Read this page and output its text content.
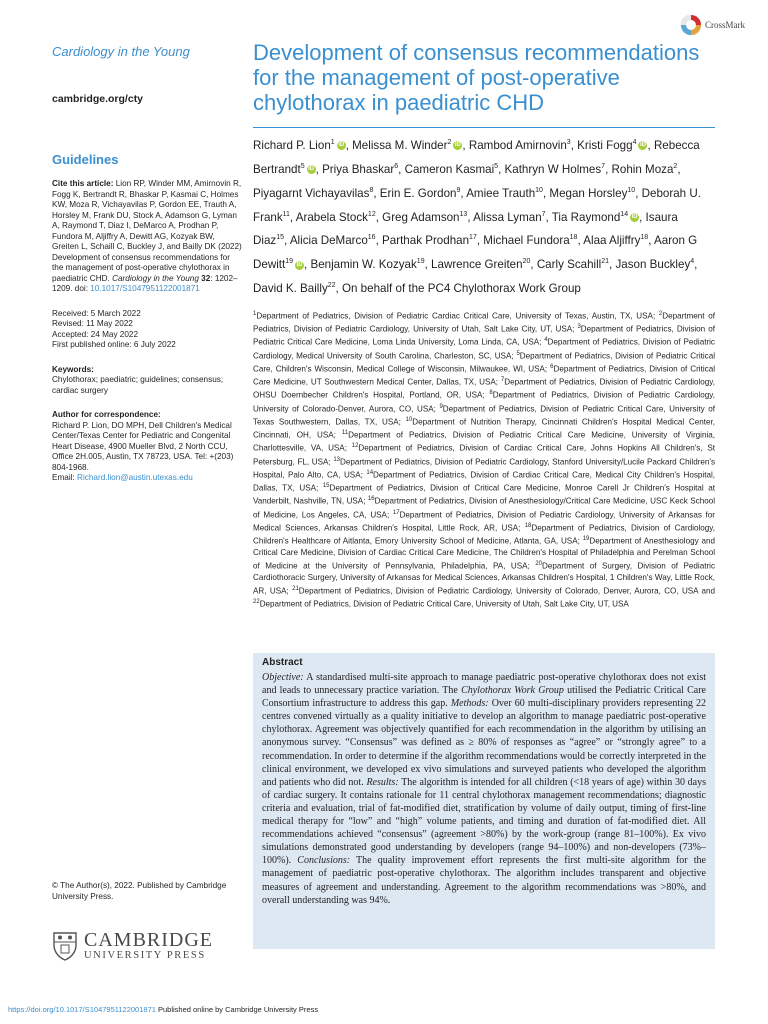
Cardiology in the Young

cambridge.org/cty
Guidelines
Cite this article: Lion RP, Winder MM, Amirnovin R, Fogg K, Bertrandt R, Bhaskar P, Kasmai C, Holmes KW, Moza R, Vichayavilas P, Gordon EE, Trauth A, Horsley M, Frank DU, Stock A, Adamson G, Lyman A, Raymond T, Diaz I, DeMarco A, Prodhan P, Fundora M, Aljiffry A, Dewitt AG, Kozyak BW, Greiten L, Schaill C, Buckley J, and Bailly DK (2022) Development of consensus recommendations for the management of post-operative chylothorax in paediatric CHD. Cardiology in the Young 32: 1202–1209. doi: 10.1017/S1047951122001871
Received: 5 March 2022
Revised: 11 May 2022
Accepted: 24 May 2022
First published online: 6 July 2022
Keywords:
Chylothorax; paediatric; guidelines; consensus; cardiac surgery
Author for correspondence:
Richard P. Lion, DO MPH, Dell Children's Medical Center/Texas Center for Pediatric and Congenital Heart Disease, 4900 Mueller Blvd, 2 North CCU, Office 2H.005, Austin, TX 78723, USA. Tel: +(203) 804-1968.
Email: Richard.lion@austin.utexas.edu
© The Author(s), 2022. Published by Cambridge University Press.
CAMBRIDGE
UNIVERSITY PRESS
CrossMark
Development of consensus recommendations for the management of post-operative chylothorax in paediatric CHD
Richard P. Lion$^1$ iD , Melissa M. Winder$^2$ iD , Rambod Amirnovin$^3$, Kristi Fogg$^4$ iD , Rebecca Bertrandt$^5$ iD , Priya Bhaskar$^6$, Cameron Kasmai$^5$, Kathryn W Holmes$^7$, Rohin Moza$^2$, Piyagarnt Vichayavilas$^8$, Erin E. Gordon$^9$, Amiee Trauth$^{10}$, Megan Horsley$^{10}$, Deborah U. Frank$^{11}$, Arabela Stock$^{12}$, Greg Adamson$^{13}$, Alissa Lyman$^7$, Tia Raymond$^{14}$ iD , Isaura Diaz$^{15}$, Alicia DeMarco$^{16}$, Parthak Prodhan$^{17}$, Michael Fundora$^{18}$, Alaa Aljiffry$^{18}$, Aaron G Dewitt$^{19}$ iD , Benjamin W. Kozyak$^{19}$, Lawrence Greiten$^{20}$, Carly Scahill$^{21}$, Jason Buckley$^4$, David K. Bailly$^{22}$, On behalf of the PC4 Chylothorax Work Group
$^1$Department of Pediatrics, Division of Pediatric Cardiac Critical Care, University of Texas, Austin, TX, USA; $^2$Department of Pediatrics, Division of Pediatric Cardiology, University of Utah, Salt Lake City, UT, USA; $^3$Department of Pediatrics, Division of Pediatric Critical Care Medicine, Loma Linda University, Loma Linda, CA, USA; $^4$Department of Pediatrics, Division of Pediatric Cardiology, Medical University of South Carolina, Charleston, SC, USA; $^5$Department of Pediatrics, Division of Pediatric Critical Care, Children's Wisconsin, Medical College of Wisconsin, Milwaukee, WI, USA; $^6$Department of Pediatrics, Division of Critical Care Medicine, UT Southwestern Medical Center, Dallas, TX, USA; $^7$Department of Pediatrics, Division of Pediatric Cardiology, OHSU Doernbecher Children's Hospital, Portland, OR, USA; $^8$Department of Pediatrics, Division of Pediatric Cardiology, University of Colorado-Denver, Aurora, CO, USA; $^9$Department of Pediatrics, Division of Pediatric Critical Care, University of Texas Southwestern, Dallas, TX, USA; $^{10}$Department of Nutrition Therapy, Cincinnati Children's Hospital Medical Center, Cincinnati, OH, USA; $^{11}$Department of Pediatrics, Division of Pediatric Critical Care Medicine, University of Virginia, Charlottesville, VA, USA; $^{12}$Department of Pediatrics, Division of Cardiac Critical Care, Johns Hopkins All Children's, St Petersburg, FL, USA; $^{13}$Department of Pediatrics, Division of Pediatric Cardiology, Stanford University/Lucile Packard Children's Hospital, Palo Alto, CA, USA; $^{14}$Department of Pediatrics, Division of Cardiac Critical Care, Medical City Children's Hospital, Dallas, TX, USA; $^{15}$Department of Pediatrics, Division of Critical Care Medicine, Monroe Carell Jr Children's Hospital at Vanderbilt, Nashville, TN, USA; $^{16}$Department of Pediatrics, Division of Anesthesiology/Critical Care Medicine, USC Keck School of Medicine, Los Angeles, CA, USA; $^{17}$Department of Pediatrics, Division of Pediatric Cardiology, University of Arkansas for Medical Sciences, Arkansas Children's Hospital, Little Rock, AR, USA; $^{18}$Department of Pediatrics, Division of Cardiology, Children's Healthcare of Aitlanta, Emory University School of Medicine, Atlanta, GA, USA; $^{19}$Department of Anesthesiology and Critical Care Medicine, Division of Cardiac Critical Care Medicine, The Children's Hospital of Philadelphia and Perelman School of Medicine at the University of Pennsylvania, Philadelphia, PA, USA; $^{20}$Department of Surgery, Division of Pediatric Cardiothoracic Surgery, University of Arkansas for Medical Sciences, Arkansas Children's Hospital, 1 Children's Way, Little Rock, AR, USA; $^{21}$Department of Pediatrics, Division of Pediatric Cardiology, University of Colorado, Denver, Aurora, CO, USA and $^{22}$Department of Pediatrics, Division of Pediatric Critical Care, University of Utah, Salt Lake City, UT, USA
Abstract
Objective: A standardised multi-site approach to manage paediatric post-operative chylothorax does not exist and leads to unnecessary practice variation. The Chylothorax Work Group utilised the Pediatric Critical Care Consortium infrastructure to address this gap. Methods: Over 60 multi-disciplinary providers representing 22 centres convened virtually as a quality initiative to develop an algorithm to manage paediatric post-operative chylothorax. Agreement was objectively quantified for each recommendation in the algorithm by utilising an anonymous survey. “Consensus” was defined as ≥ 80% of responses as “agree” or “strongly agree” to a recommendation. In order to determine if the algorithm recommendations would be correctly interpreted in the clinical environment, we developed ex vivo simulations and surveyed patients who developed the algorithm and patients who did not. Results: The algorithm is intended for all children (<18 years of age) within 30 days of cardiac surgery. It contains rationale for 11 central chylothorax management recommendations; diagnostic criteria and evaluation, trial of fat-modified diet, stratification by volume of daily output, timing of first-line medical therapy for “low” and “high” volume patients, and timing and duration of fat-modified diet. All recommendations achieved “consensus” (agreement >80%) by the work-group (range 81–100%). Ex vivo simulations demonstrated good understanding by developers (range 94–100%) and non-developers (73%–100%). Conclusions: The quality improvement effort represents the first multi-site algorithm for the management of paediatric post-operative chylothorax. The algorithm includes transparent and objective measures of agreement and understanding. Agreement to the algorithm recommendations was >80%, and overall understanding was 94%.
https://doi.org/10.1017/S1047951122001871 Published online by Cambridge University Press
